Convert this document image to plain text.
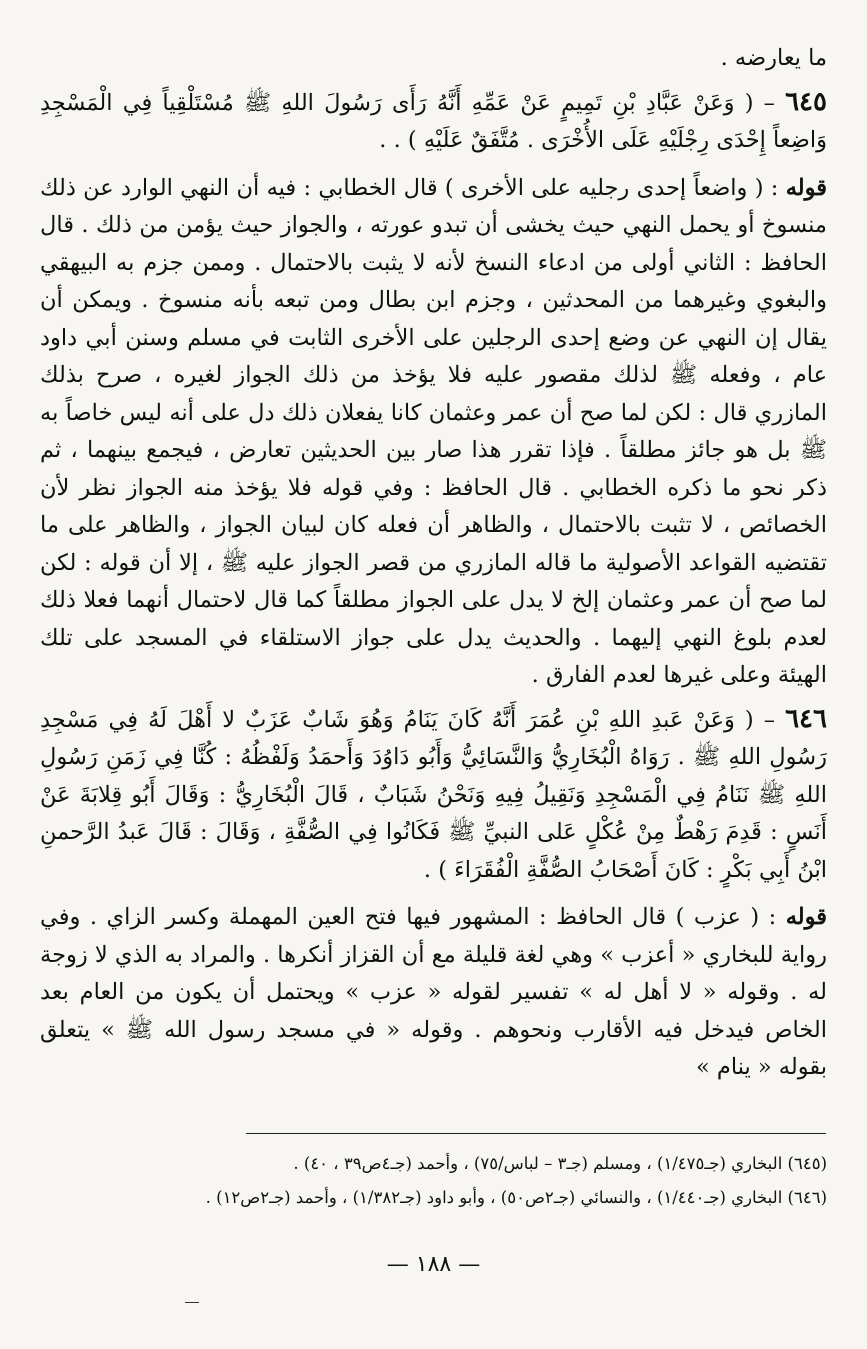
ما يعارضه .

٦٤٥ – ( وَعَنْ عَبَّادِ بْنِ تَمِيمٍ عَنْ عَمِّهِ أَنَّهُ رَأَى رَسُولَ اللهِ ﷺ مُسْتَلْقِياً فِي الْمَسْجِدِ وَاضِعاً إِحْدَى رِجْلَيْهِ عَلَى الأُخْرَى . مُتَّفَقٌ عَلَيْهِ ) . .

قوله : ( واضعاً إحدى رجليه على الأخرى ) قال الخطابي : فيه أن النهي الوارد عن ذلك منسوخ أو يحمل النهي حيث يخشى أن تبدو عورته ، والجواز حيث يؤمن من ذلك . قال الحافظ : الثاني أولى من ادعاء النسخ لأنه لا يثبت بالاحتمال . وممن جزم به البيهقي والبغوي وغيرهما من المحدثين ، وجزم ابن بطال ومن تبعه بأنه منسوخ . ويمكن أن يقال إن النهي عن وضع إحدى الرجلين على الأخرى الثابت في مسلم وسنن أبي داود عام ، وفعله ﷺ لذلك مقصور عليه فلا يؤخذ من ذلك الجواز لغيره ، صرح بذلك المازري قال : لكن لما صح أن عمر وعثمان كانا يفعلان ذلك دل على أنه ليس خاصاً به ﷺ بل هو جائز مطلقاً . فإذا تقرر هذا صار بين الحديثين تعارض ، فيجمع بينهما ، ثم ذكر نحو ما ذكره الخطابي . قال الحافظ : وفي قوله فلا يؤخذ منه الجواز نظر لأن الخصائص ، لا تثبت بالاحتمال ، والظاهر أن فعله كان لبيان الجواز ، والظاهر على ما تقتضيه القواعد الأصولية ما قاله المازري من قصر الجواز عليه ﷺ ، إلا أن قوله : لكن لما صح أن عمر وعثمان إلخ لا يدل على الجواز مطلقاً كما قال لاحتمال أنهما فعلا ذلك لعدم بلوغ النهي إليهما . والحديث يدل على جواز الاستلقاء في المسجد على تلك الهيئة وعلى غيرها لعدم الفارق .

٦٤٦ – ( وَعَنْ عَبدِ اللهِ بْنِ عُمَرَ أَنَّهُ كَانَ يَنَامُ وَهُوَ شَابٌ عَزَبٌ لا أَهْلَ لَهُ فِي مَسْجِدِ رَسُولِ اللهِ ﷺ . رَوَاهُ الْبُخَارِيُّ وَالنَّسَائِيُّ وَأَبُو دَاوُدَ وَأَحمَدُ وَلَفْظُهُ : كُنَّا فِي زَمَنِ رَسُولِ اللهِ ﷺ نَنَامُ فِي الْمَسْجِدِ وَنَقِيلُ فِيهِ وَنَحْنُ شَبَابٌ ، قَالَ الْبُخَارِيُّ : وَقَالَ أَبُو قِلابَةَ عَنْ أَنَسٍ : قَدِمَ رَهْطٌ مِنْ عُكْلٍ عَلى النبيِّ ﷺ فَكَانُوا فِي الصُّفَّةِ ، وَقَالَ : قَالَ عَبدُ الرَّحمنِ ابْنُ أَبِي بَكْرٍ : كَانَ أَصْحَابُ الصُّفَّةِ الْفُقَرَاءَ ) .

قوله : ( عزب ) قال الحافظ : المشهور فيها فتح العين المهملة وكسر الزاي . وفي رواية للبخاري « أعزب » وهي لغة قليلة مع أن القزاز أنكرها . والمراد به الذي لا زوجة له . وقوله « لا أهل له » تفسير لقوله « عزب » ويحتمل أن يكون من العام بعد الخاص فيدخل فيه الأقارب ونحوهم . وقوله « في مسجد رسول الله ﷺ » يتعلق بقوله « ينام »

(٦٤٥) البخاري (جـ١/٤٧٥) ، ومسلم (جـ٣ – لباس/٧٥) ، وأحمد (جـ٤ص٣٩ ، ٤٠) .
(٦٤٦) البخاري (جـ١/٤٤٠) ، والنسائي (جـ٢ص٥٠) ، وأبو داود (جـ١/٣٨٢) ، وأحمد (جـ٢ص١٢) .
— ١٨٨ —
